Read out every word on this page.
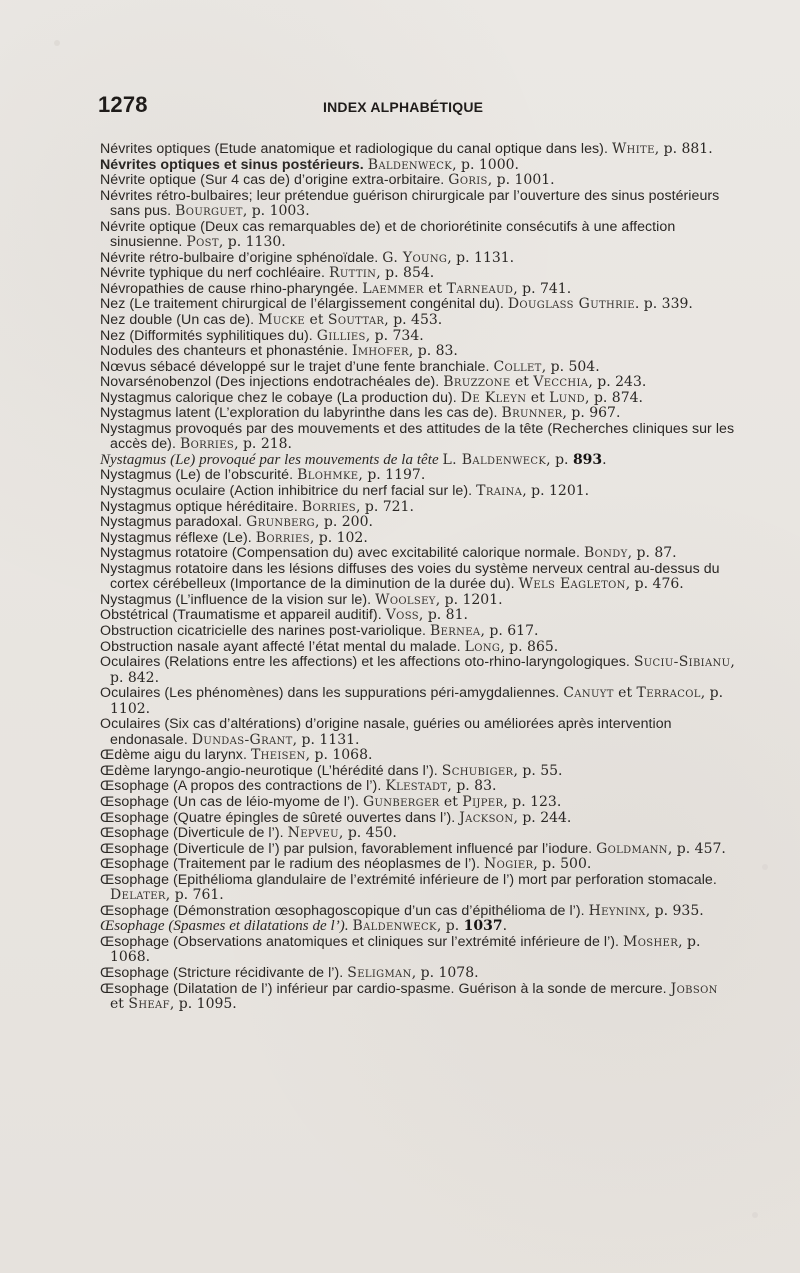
1278	INDEX ALPHABÉTIQUE

Névrites optiques (Etude anatomique et radiologique du canal optique dans les). White, p. 881.

Névrites optiques et sinus postérieurs. Baldenweck, p. 1000.

Névrite optique (Sur 4 cas de) d’origine extra-orbitaire. Goris, p. 1001.

Névrites rétro-bulbaires; leur prétendue guérison chirurgicale par l’ouverture des sinus postérieurs sans pus. Bourguet, p. 1003.

Névrite optique (Deux cas remarquables de) et de choriorétinite consécutifs à une affection sinusienne. Post, p. 1130.

Névrite rétro-bulbaire d’origine sphénoïdale. G. Young, p. 1131.

Névrite typhique du nerf cochléaire. Ruttin, p. 854.

Névropathies de cause rhino-pharyngée. Laemmer et Tarneaud, p. 741.

Nez (Le traitement chirurgical de l’élargissement congénital du). Douglass Guthrie. p. 339.

Nez double (Un cas de). Mucke et Souttar, p. 453.

Nez (Difformités syphilitiques du). Gillies, p. 734.

Nodules des chanteurs et phonasténie. Imhofer, p. 83.

Nœvus sébacé développé sur le trajet d’une fente branchiale. Collet, p. 504.

Novarsénobenzol (Des injections endotrachéales de). Bruzzone et Vecchia, p. 243.

Nystagmus calorique chez le cobaye (La production du). De Kleyn et Lund, p. 874.

Nystagmus latent (L’exploration du labyrinthe dans les cas de). Brunner, p. 967.

Nystagmus provoqués par des mouvements et des attitudes de la tête (Recherches cliniques sur les accès de). Borries, p. 218.

Nystagmus (Le) provoqué par les mouvements de la tête L. Baldenweck, p. 893.

Nystagmus (Le) de l’obscurité. Blohmke, p. 1197.

Nystagmus oculaire (Action inhibitrice du nerf facial sur le). Traina, p. 1201.

Nystagmus optique héréditaire. Borries, p. 721.

Nystagmus paradoxal. Grunberg, p. 200.

Nystagmus réflexe (Le). Borries, p. 102.

Nystagmus rotatoire (Compensation du) avec excitabilité calorique normale. Bondy, p. 87.

Nystagmus rotatoire dans les lésions diffuses des voies du système nerveux central au-dessus du cortex cérébelleux (Importance de la diminution de la durée du). Wels Eagleton, p. 476.

Nystagmus (L’influence de la vision sur le). Woolsey, p. 1201.

Obstétrical (Traumatisme et appareil auditif). Voss, p. 81.

Obstruction cicatricielle des narines post-variolique. Bernea, p. 617.

Obstruction nasale ayant affecté l’état mental du malade. Long, p. 865.

Oculaires (Relations entre les affections) et les affections oto-rhino-laryngologiques. Suciu-Sibianu, p. 842.

Oculaires (Les phénomènes) dans les suppurations péri-amygdaliennes. Canuyt et Terracol, p. 1102.

Oculaires (Six cas d’altérations) d’origine nasale, guéries ou améliorées après intervention endonasale. Dundas-Grant, p. 1131.

Œdème aigu du larynx. Theisen, p. 1068.

Œdème laryngo-angio-neurotique (L’hérédité dans l’). Schubiger, p. 55.

Œsophage (A propos des contractions de l’). Klestadt, p. 83.

Œsophage (Un cas de léio-myome de l’). Gunberger et Pijper, p. 123.

Œsophage (Quatre épingles de sûreté ouvertes dans l’). Jackson, p. 244.

Œsophage (Diverticule de l’). Nepveu, p. 450.

Œsophage (Diverticule de l’) par pulsion, favorablement influencé par l’iodure. Goldmann, p. 457.

Œsophage (Traitement par le radium des néoplasmes de l’). Nogier, p. 500.

Œsophage (Epithélioma glandulaire de l’extrémité inférieure de l’) mort par perforation stomacale. Delater, p. 761.

Œsophage (Démonstration œsophagoscopique d’un cas d’épithélioma de l’). Heyninx, p. 935.

Œsophage (Spasmes et dilatations de l’). Baldenweck, p. 1037.

Œsophage (Observations anatomiques et cliniques sur l’extrémité inférieure de l’). Mosher, p. 1068.

Œsophage (Stricture récidivante de l’). Seligman, p. 1078.

Œsophage (Dilatation de l’) inférieur par cardio-spasme. Guérison à la sonde de mercure. Jobson et Sheaf, p. 1095.
